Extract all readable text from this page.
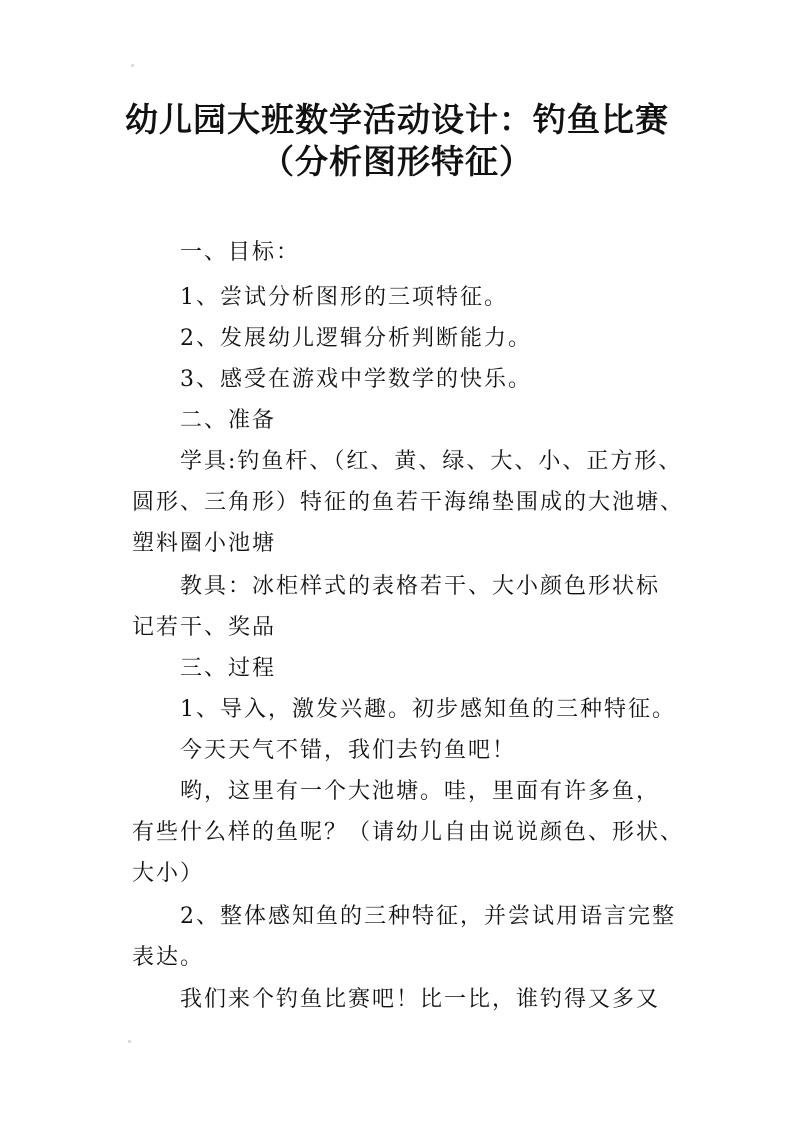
幼儿园大班数学活动设计：钓鱼比赛
（分析图形特征）
一、目标：
1、尝试分析图形的三项特征。
2、发展幼儿逻辑分析判断能力。
3、感受在游戏中学数学的快乐。
二、准备
学具:钓鱼杆、（红、黄、绿、大、小、正方形、
圆形、三角形）特征的鱼若干海绵垫围成的大池塘、
塑料圈小池塘
教具：冰柜样式的表格若干、大小颜色形状标
记若干、奖品
三、过程
1、导入，激发兴趣。初步感知鱼的三种特征。
今天天气不错，我们去钓鱼吧！
哟，这里有一个大池塘。哇，里面有许多鱼，
有些什么样的鱼呢？（请幼儿自由说说颜色、形状、
大小）
2、整体感知鱼的三种特征，并尝试用语言完整
表达。
我们来个钓鱼比赛吧！比一比，谁钓得又多又
